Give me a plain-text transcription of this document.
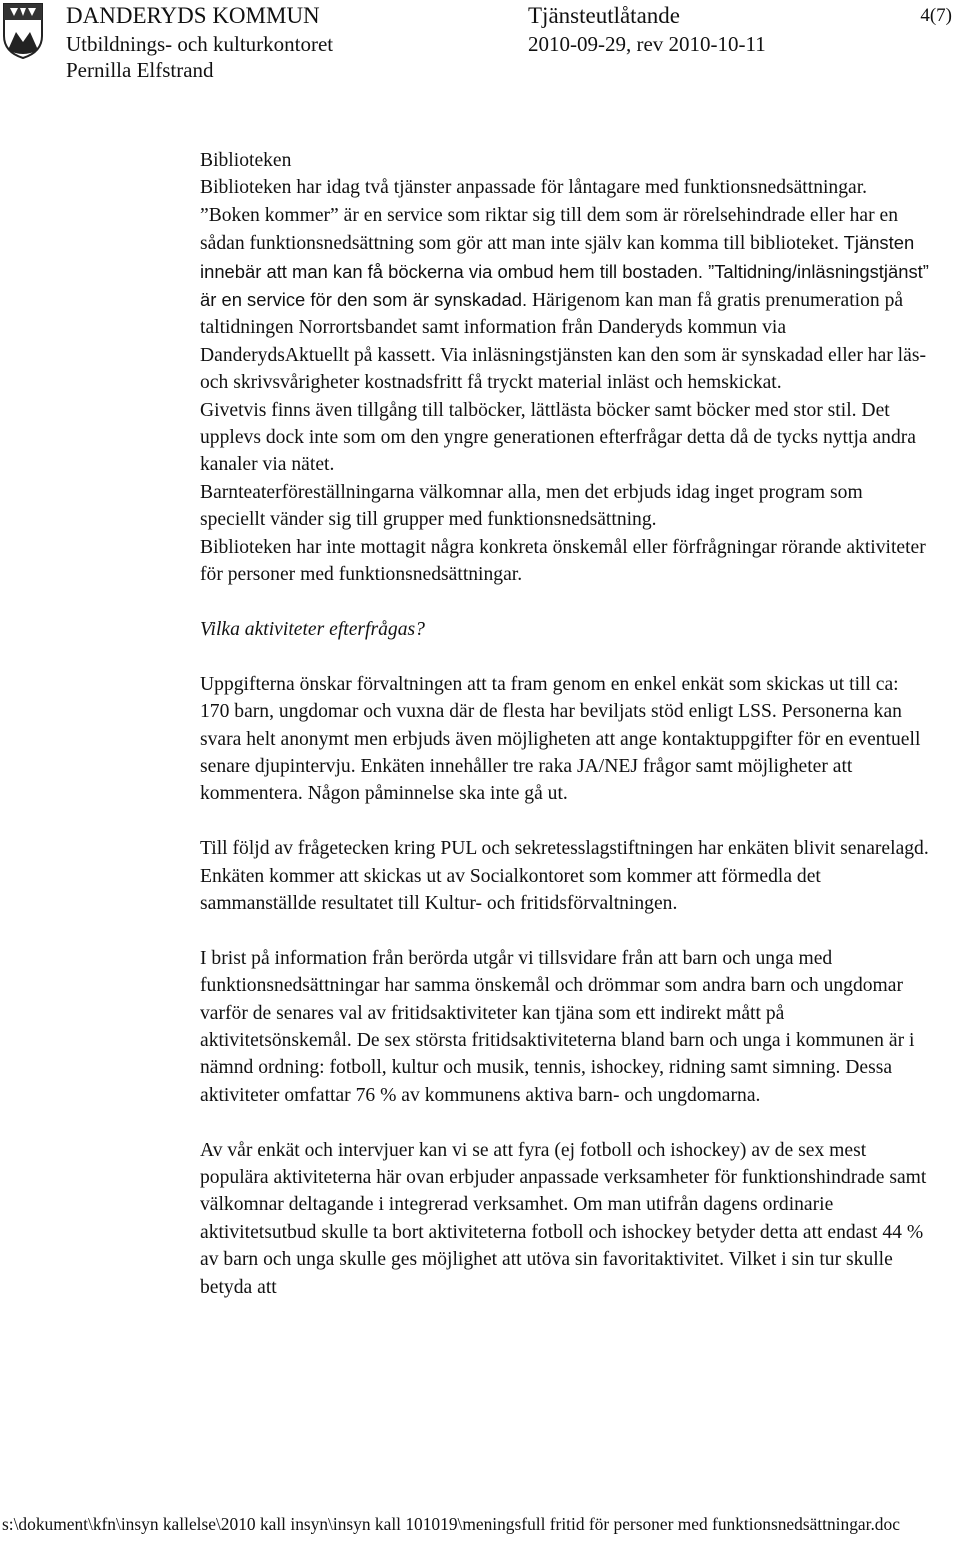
DANDERYDS KOMMUN
Utbildnings- och kulturkontoret
Pernilla Elfstrand
Tjänsteutlåtande
2010-09-29, rev 2010-10-11
4(7)

Biblioteken

Biblioteken har idag två tjänster anpassade för låntagare med funktionsnedsättningar. ”Boken kommer” är en service som riktar sig till dem som är rörelsehindrade eller har en sådan funktionsnedsättning som gör att man inte själv kan komma till biblioteket. Tjänsten innebär att man kan få böckerna via ombud hem till bostaden. ”Taltidning/inläsningstjänst” är en service för den som är synskadad. Härigenom kan man få gratis prenumeration på taltidningen Norrortsbandet samt information från Danderyds kommun via DanderydsAktuellt på kassett. Via inläsningstjänsten kan den som är synskadad eller har läs- och skrivsvårigheter kostnadsfritt få tryckt material inläst och hemskickat.

Givetvis finns även tillgång till talböcker, lättlästa böcker samt böcker med stor stil. Det upplevs dock inte som om den yngre generationen efterfrågar detta då de tycks nyttja andra kanaler via nätet.

Barnteaterföreställningarna välkomnar alla, men det erbjuds idag inget program som speciellt vänder sig till grupper med funktionsnedsättning.

Biblioteken har inte mottagit några konkreta önskemål eller förfrågningar rörande aktiviteter för personer med funktionsnedsättningar.

Vilka aktiviteter efterfrågas?

Uppgifterna önskar förvaltningen att ta fram genom en enkel enkät som skickas ut till ca: 170 barn, ungdomar och vuxna där de flesta har beviljats stöd enligt LSS. Personerna kan svara helt anonymt men erbjuds även möjligheten att ange kontaktuppgifter för en eventuell senare djupintervju. Enkäten innehåller tre raka JA/NEJ frågor samt möjligheter att kommentera. Någon påminnelse ska inte gå ut.

Till följd av frågetecken kring PUL och sekretesslagstiftningen har enkäten blivit senarelagd. Enkäten kommer att skickas ut av Socialkontoret som kommer att förmedla det sammanställde resultatet till Kultur- och fritidsförvaltningen.

I brist på information från berörda utgår vi tillsvidare från att barn och unga med funktionsnedsättningar har samma önskemål och drömmar som andra barn och ungdomar varför de senares val av fritidsaktiviteter kan tjäna som ett indirekt mått på aktivitetsönskemål. De sex största fritidsaktiviteterna bland barn och unga i kommunen är i nämnd ordning: fotboll, kultur och musik, tennis, ishockey, ridning samt simning. Dessa aktiviteter omfattar 76 % av kommunens aktiva barn- och ungdomarna.

Av vår enkät och intervjuer kan vi se att fyra (ej fotboll och ishockey) av de sex mest populära aktiviteterna här ovan erbjuder anpassade verksamheter för funktionshindrade samt välkomnar deltagande i integrerad verksamhet. Om man utifrån dagens ordinarie aktivitetsutbud skulle ta bort aktiviteterna fotboll och ishockey betyder detta att endast 44 % av barn och unga skulle ges möjlighet att utöva sin favoritaktivitet. Vilket i sin tur skulle betyda att

s:\dokument\kfn\insyn kallelse\2010 kall insyn\insyn kall 101019\meningsfull fritid för personer med funktionsnedsättningar.doc
